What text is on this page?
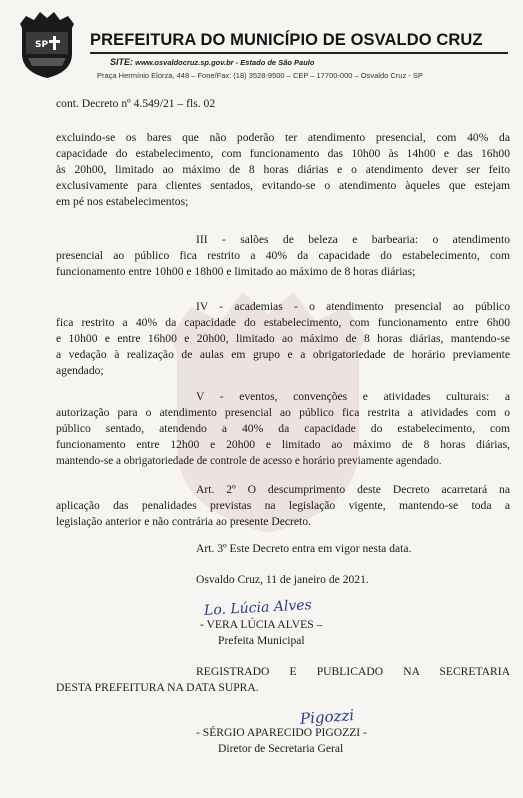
SP	PREFEITURA DO MUNICÍPIO DE OSVALDO CRUZ
SITE: www.osvaldocruz.sp.gov.br - Estado de São Paulo
Praça Hermínio Elorza, 448 – Fone/Fax: (18) 3528-9500 – CEP – 17700-000 – Osvaldo Cruz - SP
cont. Decreto nº 4.549/21 – fls. 02
excluindo-se os bares que não poderão ter atendimento presencial, com 40% da
capacidade do estabelecimento, com funcionamento das 10h00 às 14h00 e das 16h00
às 20h00, limitado ao máximo de 8 horas diárias e o atendimento dever ser feito
exclusivamente para clientes sentados, evitando-se o atendimento àqueles que estejam
em pé nos estabelecimentos;
III - salões de beleza e barbearia: o atendimento
presencial ao público fica restrito a 40% da capacidade do estabelecimento, com
funcionamento entre 10h00 e 18h00 e limitado ao máximo de 8 horas diárias;
IV - academias - o atendimento presencial ao público
fica restrito a 40% da capacidade do estabelecimento, com funcionamento entre 6h00
e 10h00 e entre 16h00 e 20h00, limitado ao máximo de 8 horas diárias, mantendo-se
a vedação à realização de aulas em grupo e a obrigatoriedade de horário previamente
agendado;
V - eventos, convenções e atividades culturais: a
autorização para o atendimento presencial ao público fica restrita a atividades com o
público sentado, atendendo a 40% da capacidade do estabelecimento, com
funcionamento entre 12h00 e 20h00 e limitado ao máximo de 8 horas diárias,
mantendo-se a obrigatoriedade de controle de acesso e horário previamente agendado.
Art. 2º O descumprimento deste Decreto acarretará na
aplicação das penalidades previstas na legislação vigente, mantendo-se toda a
legislação anterior e não contrária ao presente Decreto.
Art. 3º Este Decreto entra em vigor nesta data.
Osvaldo Cruz, 11 de janeiro de 2021.
Lo. Lúcia Alves
- VERA LÚCIA ALVES –
Prefeita Municipal
REGISTRADO E PUBLICADO NA SECRETARIA
DESTA PREFEITURA NA DATA SUPRA.
Pigozzi
- SÉRGIO APARECIDO PIGOZZI -
Diretor de Secretaria Geral
